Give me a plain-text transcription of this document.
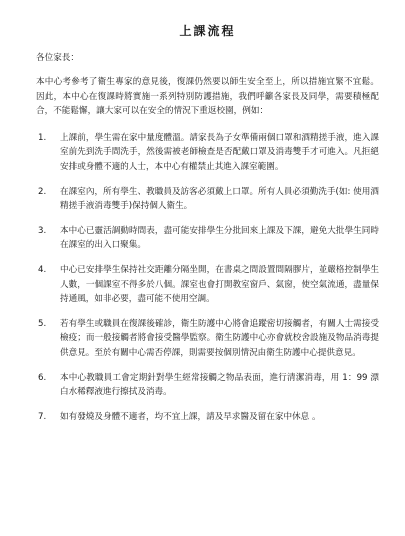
上課流程
各位家長：
本中心考參考了衛生專家的意見後，復課仍然要以師生安全至上，所以措施宜緊不宜鬆。因此，本中心在復課時將實施一系列特別防護措施，我們呼籲各家長及同學，需要積極配合，不能鬆懈，讓大家可以在安全的情況下重返校園，例如：
1.	上課前，學生需在家中量度體溫。請家長為子女準備兩個口罩和酒精搓手液，進入課室前先到洗手間洗手，然後需被老師檢查是否配戴口罩及消毒雙手才可進入。凡拒絕安排或身體不適的人士，本中心有權禁止其進入課室範圍。
2.	在課室內，所有學生、教職員及訪客必須戴上口罩。所有人員必須勤洗手(如: 使用酒精搓手液消毒雙手)保持個人衛生。
3.	本中心已靈活調動時間表，盡可能安排學生分批回來上課及下課，避免大批學生同時在課室的出入口聚集。
4.	中心已安排學生保持社交距離分隔坐開，在書桌之間設置間隔膠片，並嚴格控制學生人數，一個課室不得多於八個。課室也會打開教室窗戶、氣窗，使空氣流通，盡量保持通風，如非必要，盡可能不使用空調。
5.	若有學生或職員在復課後確診，衛生防護中心將會追蹤密切接觸者，有關人士需接受檢疫；而一般接觸者將會接受醫學監察。衛生防護中心亦會就校舍設施及物品消毒提供意見。至於有關中心需否停課，則需要按個別情況由衛生防護中心提供意見。
6.	本中心教職員工會定期針對學生經常接觸之物品表面，進行清潔消毒，用 1：99 漂白水稀釋液進行擦拭及消毒。
7.	如有發燒及身體不適者，均不宜上課，請及早求醫及留在家中休息 。
